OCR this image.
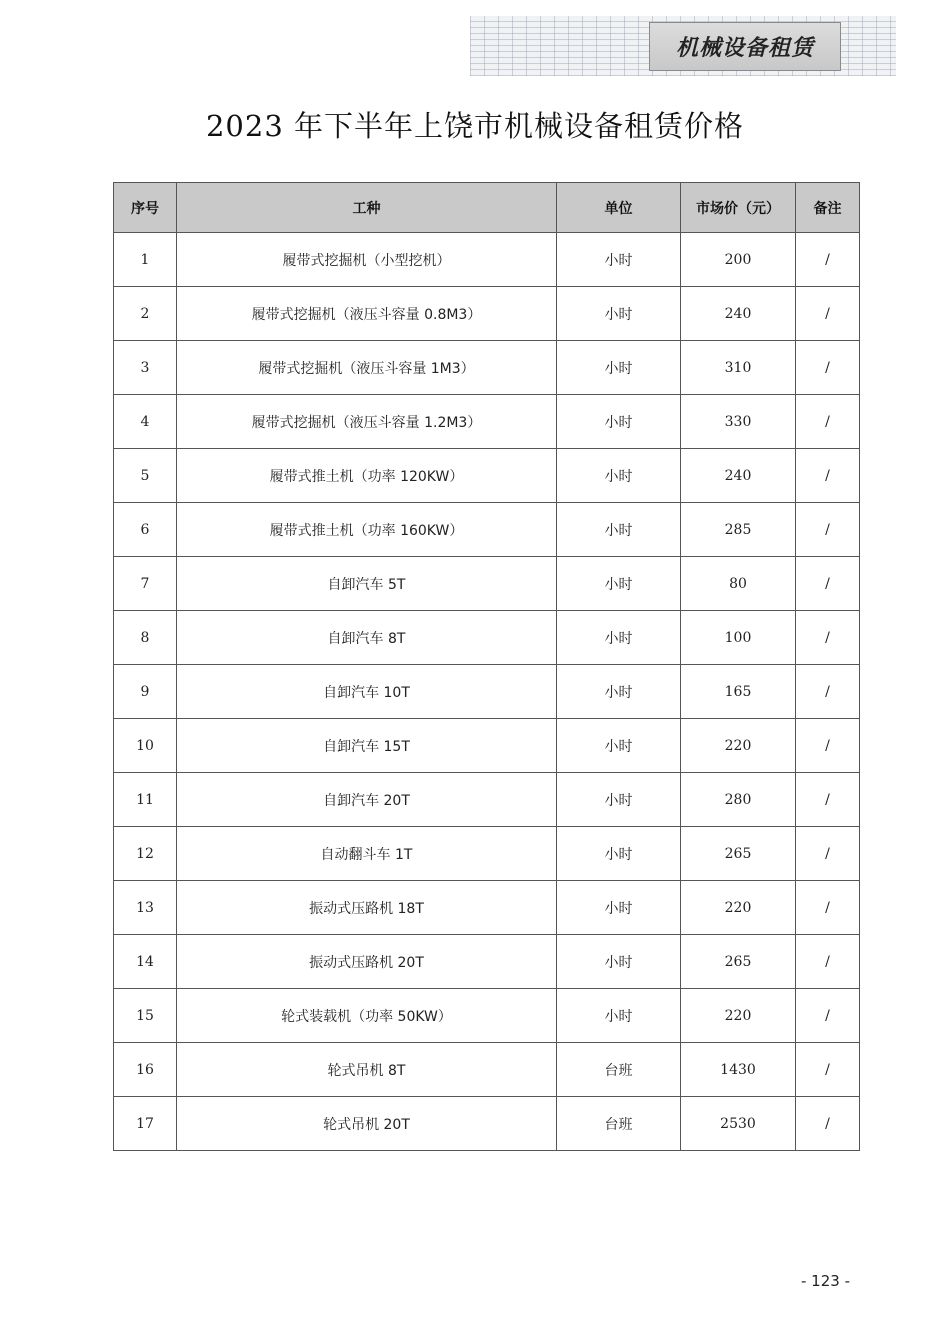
机械设备租赁
2023 年下半年上饶市机械设备租赁价格
序号	工种	单位	市场价（元）	备注
1	履带式挖掘机（小型挖机）	小时	200	/
2	履带式挖掘机（液压斗容量 0.8M3）	小时	240	/
3	履带式挖掘机（液压斗容量 1M3）	小时	310	/
4	履带式挖掘机（液压斗容量 1.2M3）	小时	330	/
5	履带式推土机（功率 120KW）	小时	240	/
6	履带式推土机（功率 160KW）	小时	285	/
7	自卸汽车 5T	小时	80	/
8	自卸汽车 8T	小时	100	/
9	自卸汽车 10T	小时	165	/
10	自卸汽车 15T	小时	220	/
11	自卸汽车 20T	小时	280	/
12	自动翻斗车 1T	小时	265	/
13	振动式压路机 18T	小时	220	/
14	振动式压路机 20T	小时	265	/
15	轮式装载机（功率 50KW）	小时	220	/
16	轮式吊机 8T	台班	1430	/
17	轮式吊机 20T	台班	2530	/
- 123 -
